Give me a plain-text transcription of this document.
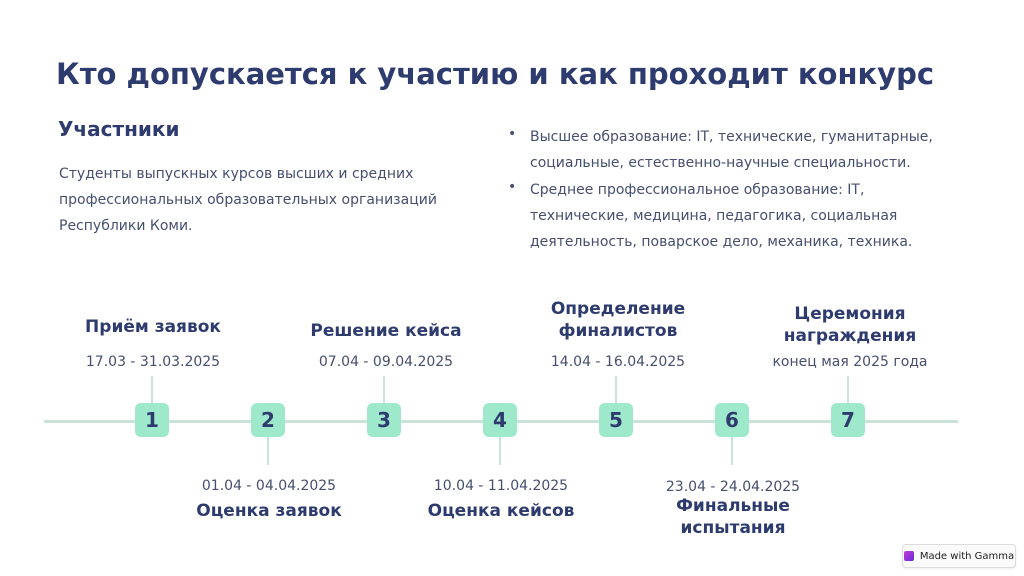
Кто допускается к участию и как проходит конкурс
Участники
Студенты выпускных курсов высших и средних профессиональных образовательных организаций Республики Коми.
• Высшее образование: IT, технические, гуманитарные, социальные, естественно-научные специальности.
• Среднее профессиональное образование: IT, технические, медицина, педагогика, социальная деятельность, поварское дело, механика, техника.
1	2	3	4	5	6	7
Приём заявок
17.03 - 31.03.2025
01.04 - 04.04.2025
Оценка заявок
Решение кейса
07.04 - 09.04.2025
10.04 - 11.04.2025
Оценка кейсов
Определение финалистов
14.04 - 16.04.2025
23.04 - 24.04.2025
Финальные испытания
Церемония награждения
конец мая 2025 года
Made with Gamma
